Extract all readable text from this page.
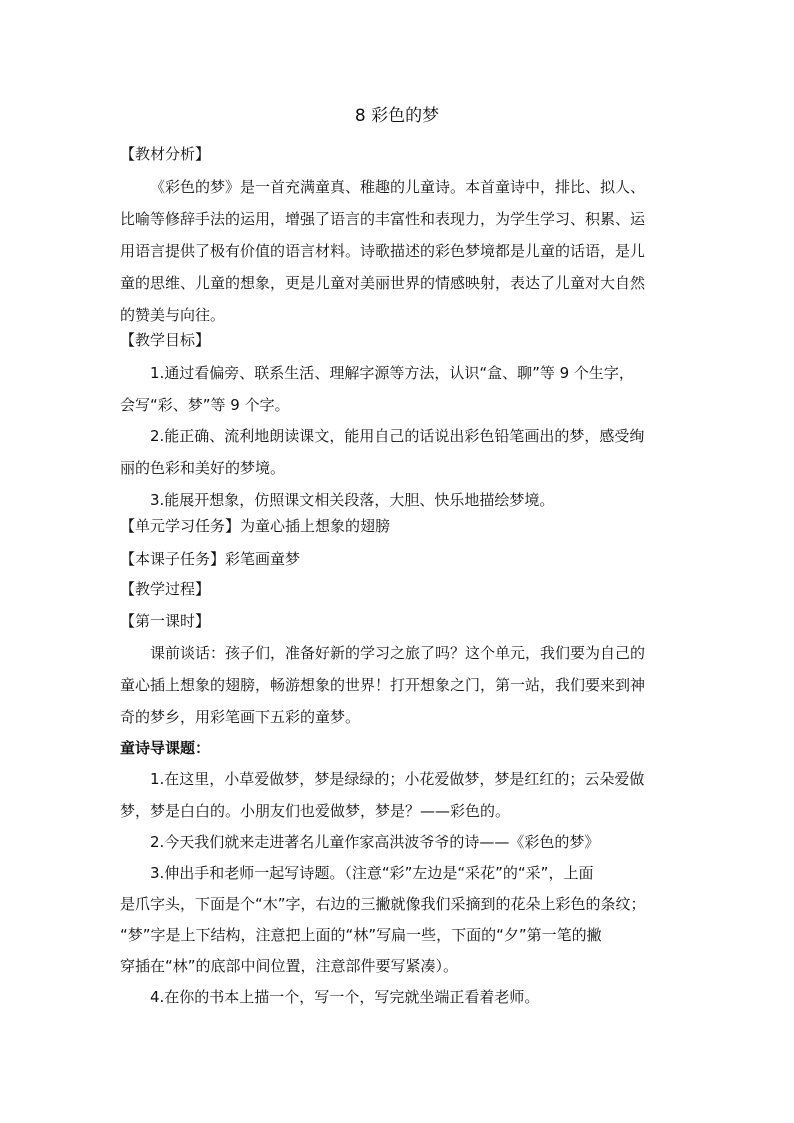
8 彩色的梦
【教材分析】
《彩色的梦》是一首充满童真、稚趣的儿童诗。本首童诗中，排比、拟人、
比喻等修辞手法的运用，增强了语言的丰富性和表现力，为学生学习、积累、运
用语言提供了极有价值的语言材料。诗歌描述的彩色梦境都是儿童的话语，是儿
童的思维、儿童的想象，更是儿童对美丽世界的情感映射，表达了儿童对大自然
的赞美与向往。
【教学目标】
1.通过看偏旁、联系生活、理解字源等方法，认识“盒、聊”等 9 个生字，
会写“彩、梦”等 9 个字。
2.能正确、流利地朗读课文，能用自己的话说出彩色铅笔画出的梦，感受绚
丽的色彩和美好的梦境。
3.能展开想象，仿照课文相关段落，大胆、快乐地描绘梦境。
【单元学习任务】为童心插上想象的翅膀
【本课子任务】彩笔画童梦
【教学过程】
【第一课时】
课前谈话：孩子们，准备好新的学习之旅了吗？这个单元，我们要为自己的
童心插上想象的翅膀，畅游想象的世界！打开想象之门，第一站，我们要来到神
奇的梦乡，用彩笔画下五彩的童梦。
童诗导课题：
1.在这里，小草爱做梦，梦是绿绿的；小花爱做梦，梦是红红的；云朵爱做
梦，梦是白白的。小朋友们也爱做梦，梦是？——彩色的。
2.今天我们就来走进著名儿童作家高洪波爷爷的诗——《彩色的梦》
3.伸出手和老师一起写诗题。（注意“彩”左边是“采花”的“采”，上面
是爪字头，下面是个“木”字，右边的三撇就像我们采摘到的花朵上彩色的条纹；
“梦”字是上下结构，注意把上面的“林”写扁一些，下面的“夕”第一笔的撇
穿插在“林”的底部中间位置，注意部件要写紧凑）。
4.在你的书本上描一个，写一个，写完就坐端正看着老师。
